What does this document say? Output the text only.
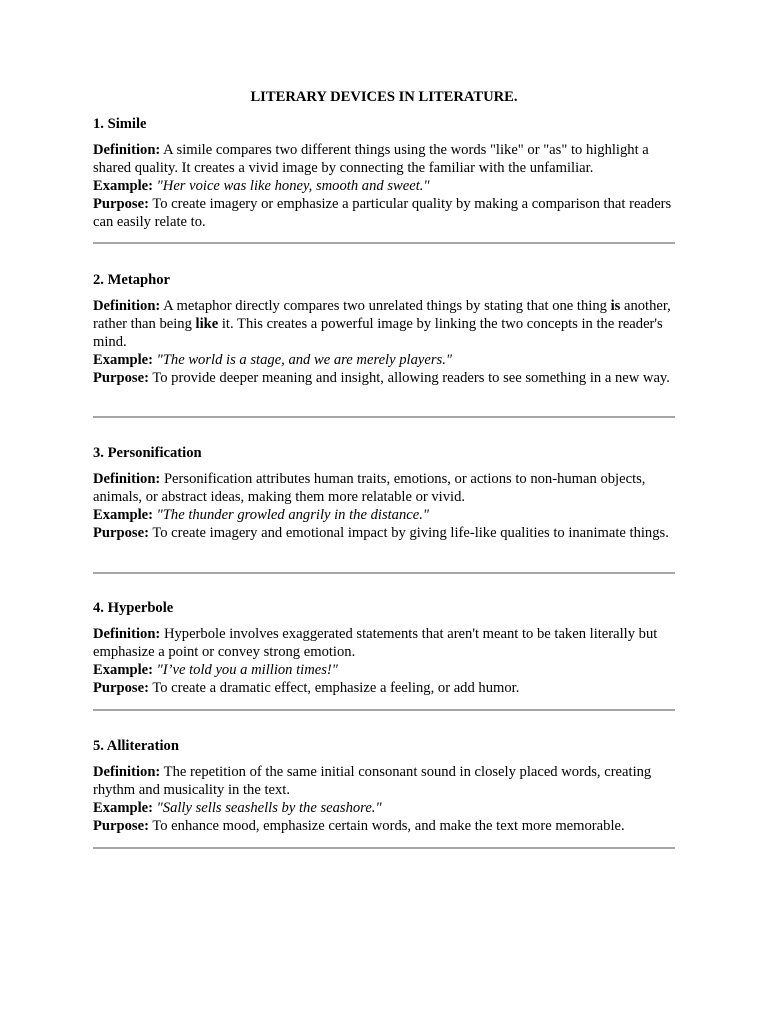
LITERARY DEVICES IN LITERATURE.

1. Simile

Definition: A simile compares two different things using the words "like" or "as" to highlight a shared quality. It creates a vivid image by connecting the familiar with the unfamiliar.
Example: "Her voice was like honey, smooth and sweet."
Purpose: To create imagery or emphasize a particular quality by making a comparison that readers can easily relate to.

2. Metaphor

Definition: A metaphor directly compares two unrelated things by stating that one thing is another, rather than being like it. This creates a powerful image by linking the two concepts in the reader's mind.
Example: "The world is a stage, and we are merely players."
Purpose: To provide deeper meaning and insight, allowing readers to see something in a new way.

3. Personification

Definition: Personification attributes human traits, emotions, or actions to non-human objects, animals, or abstract ideas, making them more relatable or vivid.
Example: "The thunder growled angrily in the distance."
Purpose: To create imagery and emotional impact by giving life-like qualities to inanimate things.

4. Hyperbole

Definition: Hyperbole involves exaggerated statements that aren't meant to be taken literally but emphasize a point or convey strong emotion.
Example: "I’ve told you a million times!"
Purpose: To create a dramatic effect, emphasize a feeling, or add humor.

5. Alliteration

Definition: The repetition of the same initial consonant sound in closely placed words, creating rhythm and musicality in the text.
Example: "Sally sells seashells by the seashore."
Purpose: To enhance mood, emphasize certain words, and make the text more memorable.
